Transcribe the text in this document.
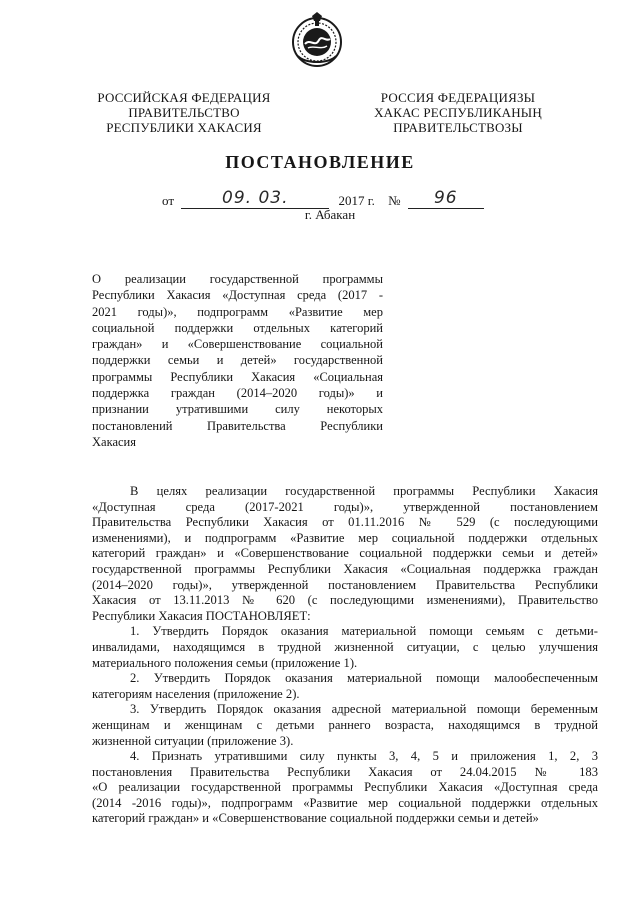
РОССИЙСКАЯ ФЕДЕРАЦИЯ
ПРАВИТЕЛЬСТВО
РЕСПУБЛИКИ ХАКАСИЯ
РОССИЯ ФЕДЕРАЦИЯЗЫ
ХАКАС РЕСПУБЛИКАНЫҢ
ПРАВИТЕЛЬСТВОЗЫ
ПОСТАНОВЛЕНИЕ
от	09. 03.	2017 г. № 96
г. Абакан
О реализации государственной программы
Республики Хакасия «Доступная среда (2017 -
2021 годы)», подпрограмм «Развитие мер
социальной поддержки отдельных категорий
граждан» и «Совершенствование социальной
поддержки семьи и детей» государственной
программы Республики Хакасия «Социальная
поддержка граждан (2014–2020 годы)» и
признании утратившими силу некоторых
постановлений Правительства Республики
Хакасия
В целях реализации государственной программы Республики Хакасия
«Доступная среда (2017-2021 годы)», утвержденной постановлением
Правительства Республики Хакасия от 01.11.2016 № 529 (с последующими
изменениями), и подпрограмм «Развитие мер социальной поддержки отдельных
категорий граждан» и «Совершенствование социальной поддержки семьи и детей»
государственной программы Республики Хакасия «Социальная поддержка граждан
(2014–2020 годы)», утвержденной постановлением Правительства Республики
Хакасия от 13.11.2013 № 620 (с последующими изменениями), Правительство
Республики Хакасия ПОСТАНОВЛЯЕТ:
1. Утвердить Порядок оказания материальной помощи семьям с детьми-
инвалидами, находящимся в трудной жизненной ситуации, с целью улучшения
материального положения семьи (приложение 1).
2. Утвердить Порядок оказания материальной помощи малообеспеченным
категориям населения (приложение 2).
3. Утвердить Порядок оказания адресной материальной помощи беременным
женщинам и женщинам с детьми раннего возраста, находящимся в трудной
жизненной ситуации (приложение 3).
4. Признать утратившими силу пункты 3, 4, 5 и приложения 1, 2, 3
постановления Правительства Республики Хакасия от 24.04.2015 № 183
«О реализации государственной программы Республики Хакасия «Доступная среда
(2014 -2016 годы)», подпрограмм «Развитие мер социальной поддержки отдельных
категорий граждан» и «Совершенствование социальной поддержки семьи и детей»
